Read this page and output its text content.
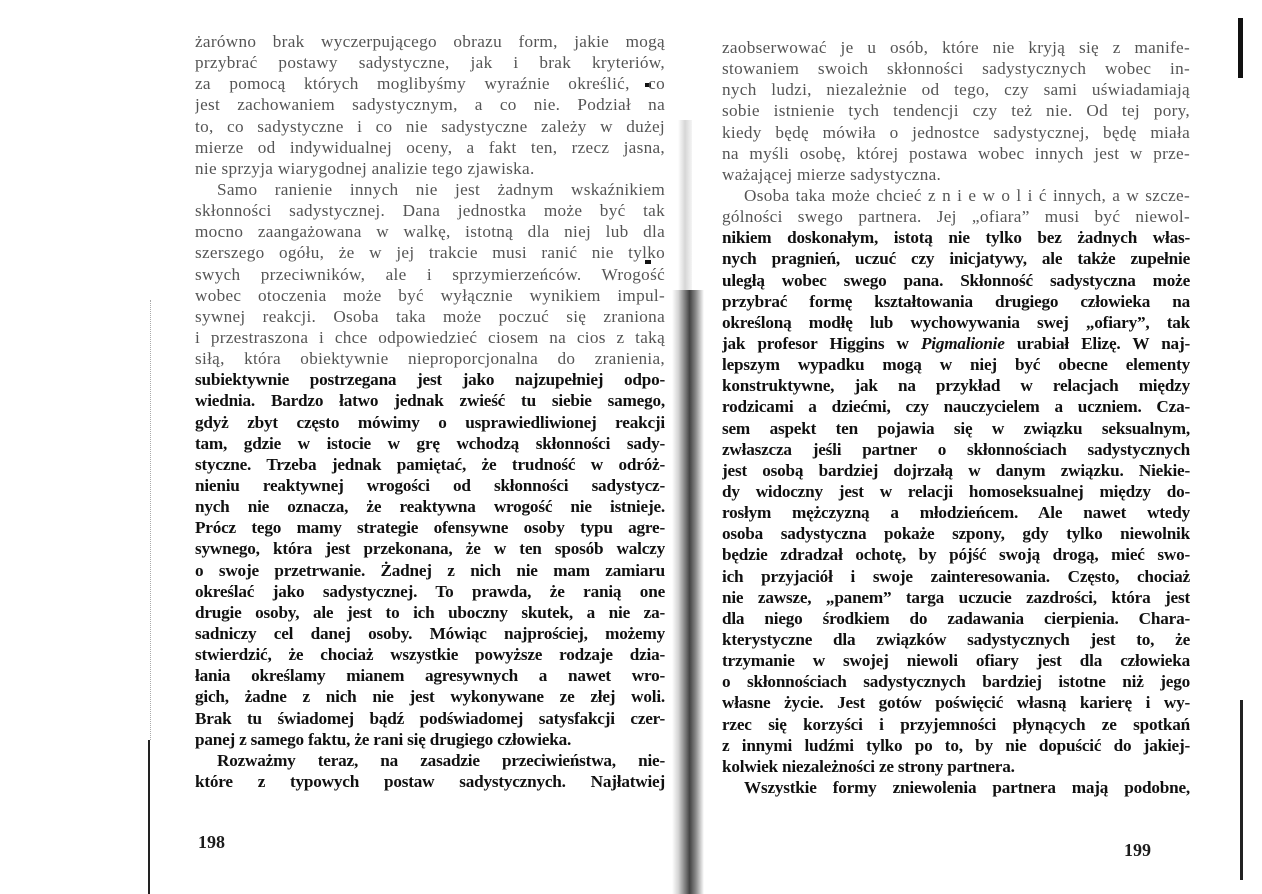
żarówno brak wyczerpującego obrazu form, jakie mogą
przybrać postawy sadystyczne, jak i brak kryteriów,
za pomocą których moglibyśmy wyraźnie określić, co
jest zachowaniem sadystycznym, a co nie. Podział na
to, co sadystyczne i co nie sadystyczne zależy w dużej
mierze od indywidualnej oceny, a fakt ten, rzecz jasna,
nie sprzyja wiarygodnej analizie tego zjawiska.
Samo ranienie innych nie jest żadnym wskaźnikiem
skłonności sadystycznej. Dana jednostka może być tak
mocno zaangażowana w walkę, istotną dla niej lub dla
szerszego ogółu, że w jej trakcie musi ranić nie tylko
swych przeciwników, ale i sprzymierzeńców. Wrogość
wobec otoczenia może być wyłącznie wynikiem impul-
sywnej reakcji. Osoba taka może poczuć się zraniona
i przestraszona i chce odpowiedzieć ciosem na cios z taką
siłą, która obiektywnie nieproporcjonalna do zranienia,
subiektywnie postrzegana jest jako najzupełniej odpo-
wiednia. Bardzo łatwo jednak zwieść tu siebie samego,
gdyż zbyt często mówimy o usprawiedliwionej reakcji
tam, gdzie w istocie w grę wchodzą skłonności sady-
styczne. Trzeba jednak pamiętać, że trudność w odróż-
nieniu reaktywnej wrogości od skłonności sadystycz-
nych nie oznacza, że reaktywna wrogość nie istnieje.
Prócz tego mamy strategie ofensywne osoby typu agre-
sywnego, która jest przekonana, że w ten sposób walczy
o swoje przetrwanie. Żadnej z nich nie mam zamiaru
określać jako sadystycznej. To prawda, że ranią one
drugie osoby, ale jest to ich uboczny skutek, a nie za-
sadniczy cel danej osoby. Mówiąc najprościej, możemy
stwierdzić, że chociaż wszystkie powyższe rodzaje dzia-
łania określamy mianem agresywnych a nawet wro-
gich, żadne z nich nie jest wykonywane ze złej woli.
Brak tu świadomej bądź podświadomej satysfakcji czer-
panej z samego faktu, że rani się drugiego człowieka.
Rozważmy teraz, na zasadzie przeciwieństwa, nie-
które z typowych postaw sadystycznych. Najłatwiej
zaobserwować je u osób, które nie kryją się z manife-
stowaniem swoich skłonności sadystycznych wobec in-
nych ludzi, niezależnie od tego, czy sami uświadamiają
sobie istnienie tych tendencji czy też nie. Od tej pory,
kiedy będę mówiła o jednostce sadystycznej, będę miała
na myśli osobę, której postawa wobec innych jest w prze-
ważającej mierze sadystyczna.
Osoba taka może chcieć z n i e w o l i ć innych, a w szcze-
gólności swego partnera. Jej „ofiara” musi być niewol-
nikiem doskonałym, istotą nie tylko bez żadnych włas-
nych pragnień, uczuć czy inicjatywy, ale także zupełnie
uległą wobec swego pana. Skłonność sadystyczna może
przybrać formę kształtowania drugiego człowieka na
określoną modłę lub wychowywania swej „ofiary”, tak
jak profesor Higgins w Pigmalionie urabiał Elizę. W naj-
lepszym wypadku mogą w niej być obecne elementy
konstruktywne, jak na przykład w relacjach między
rodzicami a dziećmi, czy nauczycielem a uczniem. Cza-
sem aspekt ten pojawia się w związku seksualnym,
zwłaszcza jeśli partner o skłonnościach sadystycznych
jest osobą bardziej dojrzałą w danym związku. Niekie-
dy widoczny jest w relacji homoseksualnej między do-
rosłym mężczyzną a młodzieńcem. Ale nawet wtedy
osoba sadystyczna pokaże szpony, gdy tylko niewolnik
będzie zdradzał ochotę, by pójść swoją drogą, mieć swo-
ich przyjaciół i swoje zainteresowania. Często, chociaż
nie zawsze, „panem” targa uczucie zazdrości, która jest
dla niego środkiem do zadawania cierpienia. Chara-
kterystyczne dla związków sadystycznych jest to, że
trzymanie w swojej niewoli ofiary jest dla człowieka
o skłonnościach sadystycznych bardziej istotne niż jego
własne życie. Jest gotów poświęcić własną karierę i wy-
rzec się korzyści i przyjemności płynących ze spotkań
z innymi ludźmi tylko po to, by nie dopuścić do jakiej-
kolwiek niezależności ze strony partnera.
Wszystkie formy zniewolenia partnera mają podobne,
198	199
